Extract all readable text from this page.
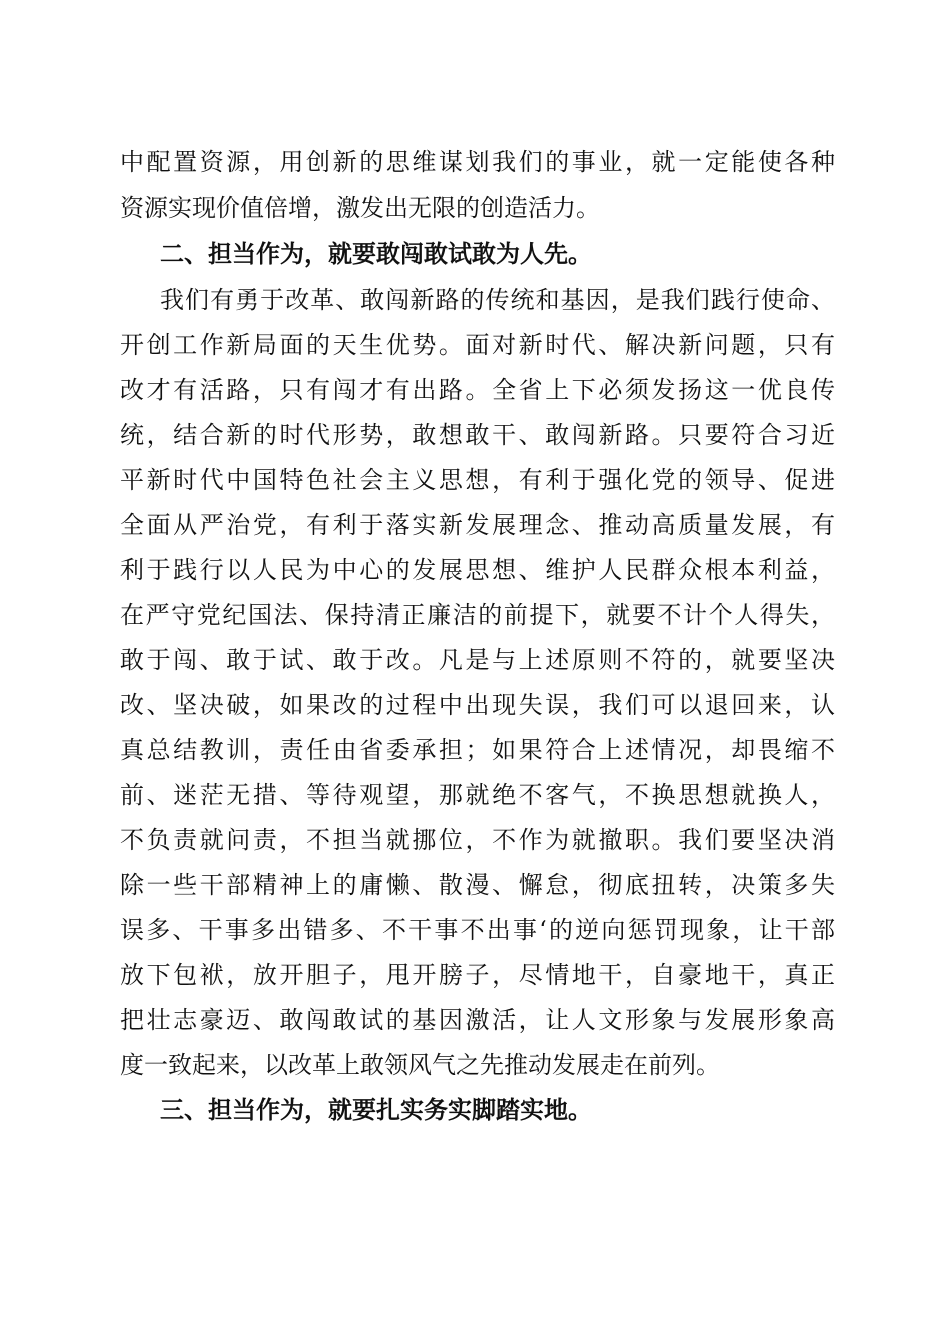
中配置资源，用创新的思维谋划我们的事业，就一定能使各种
资源实现价值倍增，激发出无限的创造活力。
二、担当作为，就要敢闯敢试敢为人先。
我们有勇于改革、敢闯新路的传统和基因，是我们践行使命、
开创工作新局面的天生优势。面对新时代、解决新问题，只有
改才有活路，只有闯才有出路。全省上下必须发扬这一优良传
统，结合新的时代形势，敢想敢干、敢闯新路。只要符合习近
平新时代中国特色社会主义思想，有利于强化党的领导、促进
全面从严治党，有利于落实新发展理念、推动高质量发展，有
利于践行以人民为中心的发展思想、维护人民群众根本利益，
在严守党纪国法、保持清正廉洁的前提下，就要不计个人得失，
敢于闯、敢于试、敢于改。凡是与上述原则不符的，就要坚决
改、坚决破，如果改的过程中出现失误，我们可以退回来，认
真总结教训，责任由省委承担；如果符合上述情况，却畏缩不
前、迷茫无措、等待观望，那就绝不客气，不换思想就换人，
不负责就问责，不担当就挪位，不作为就撤职。我们要坚决消
除一些干部精神上的庸懒、散漫、懈怠，彻底扭转，决策多失
误多、干事多出错多、不干事不出事‘的逆向惩罚现象，让干部
放下包袱，放开胆子，甩开膀子，尽情地干，自豪地干，真正
把壮志豪迈、敢闯敢试的基因激活，让人文形象与发展形象高
度一致起来，以改革上敢领风气之先推动发展走在前列。
三、担当作为，就要扎实务实脚踏实地。
